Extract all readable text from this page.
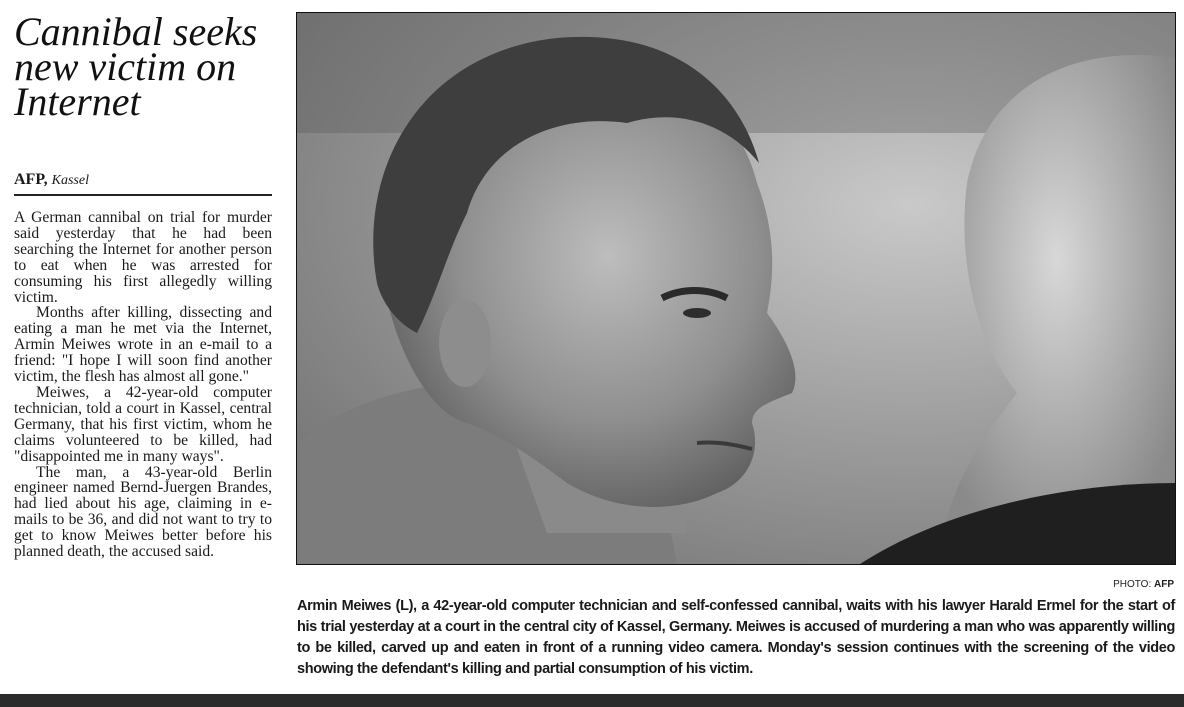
Cannibal seeks new victim on Internet
AFP, Kassel

A German cannibal on trial for murder said yesterday that he had been searching the Internet for another person to eat when he was arrested for consuming his first allegedly willing victim.

Months after killing, dissecting and eating a man he met via the Internet, Armin Meiwes wrote in an e-mail to a friend: "I hope I will soon find another victim, the flesh has almost all gone."

Meiwes, a 42-year-old computer technician, told a court in Kassel, central Germany, that his first victim, whom he claims volunteered to be killed, had "disappointed me in many ways".

The man, a 43-year-old Berlin engineer named Bernd-Juergen Brandes, had lied about his age, claiming in e-mails to be 36, and did not want to try to get to know Meiwes better before his planned death, the accused said.

PHOTO: AFP
Armin Meiwes (L), a 42-year-old computer technician and self-confessed cannibal, waits with his lawyer Harald Ermel for the start of his trial yesterday at a court in the central city of Kassel, Germany. Meiwes is accused of murdering a man who was apparently willing to be killed, carved up and eaten in front of a running video camera. Monday's session continues with the screening of the video showing the defendant's killing and partial consumption of his victim.
